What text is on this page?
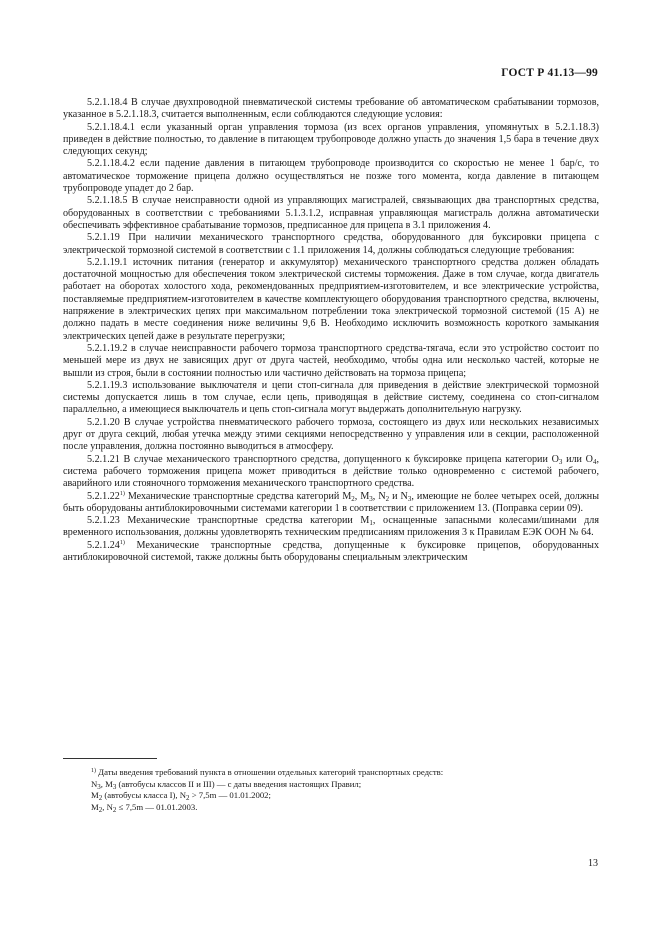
ГОСТ Р 41.13—99

5.2.1.18.4 В случае двухпроводной пневматической системы требование об автоматическом срабатывании тормозов, указанное в 5.2.1.18.3, считается выполненным, если соблюдаются следующие условия:

5.2.1.18.4.1 если указанный орган управления тормоза (из всех органов управления, упомянутых в 5.2.1.18.3) приведен в действие полностью, то давление в питающем трубопроводе должно упасть до значения 1,5 бара в течение двух следующих секунд;

5.2.1.18.4.2 если падение давления в питающем трубопроводе производится со скоростью не менее 1 бар/с, то автоматическое торможение прицепа должно осуществляться не позже того момента, когда давление в питающем трубопроводе упадет до 2 бар.

5.2.1.18.5 В случае неисправности одной из управляющих магистралей, связывающих два транспортных средства, оборудованных в соответствии с требованиями 5.1.3.1.2, исправная управляющая магистраль должна автоматически обеспечивать эффективное срабатывание тормозов, предписанное для прицепа в 3.1 приложения 4.

5.2.1.19 При наличии механического транспортного средства, оборудованного для буксировки прицепа с электрической тормозной системой в соответствии с 1.1 приложения 14, должны соблюдаться следующие требования:

5.2.1.19.1 источник питания (генератор и аккумулятор) механического транспортного средства должен обладать достаточной мощностью для обеспечения током электрической системы торможения. Даже в том случае, когда двигатель работает на оборотах холостого хода, рекомендованных предприятием-изготовителем, и все электрические устройства, поставляемые предприятием-изготовителем в качестве комплектующего оборудования транспортного средства, включены, напряжение в электрических цепях при максимальном потреблении тока электрической тормозной системой (15 А) не должно падать в месте соединения ниже величины 9,6 В. Необходимо исключить возможность короткого замыкания электрических цепей даже в результате перегрузки;

5.2.1.19.2 в случае неисправности рабочего тормоза транспортного средства-тягача, если это устройство состоит по меньшей мере из двух не зависящих друг от друга частей, необходимо, чтобы одна или несколько частей, которые не вышли из строя, были в состоянии полностью или частично действовать на тормоза прицепа;

5.2.1.19.3 использование выключателя и цепи стоп-сигнала для приведения в действие электрической тормозной системы допускается лишь в том случае, если цепь, приводящая в действие систему, соединена со стоп-сигналом параллельно, а имеющиеся выключатель и цепь стоп-сигнала могут выдержать дополнительную нагрузку.

5.2.1.20 В случае устройства пневматического рабочего тормоза, состоящего из двух или нескольких независимых друг от друга секций, любая утечка между этими секциями непосредственно у управления или в секции, расположенной после управления, должна постоянно выводиться в атмосферу.

5.2.1.21 В случае механического транспортного средства, допущенного к буксировке прицепа категории $O_3$ или $O_4$, система рабочего торможения прицепа может приводиться в действие только одновременно с системой рабочего, аварийного или стояночного торможения механического транспортного средства.

5.2.1.22$^{1)}$ Механические транспортные средства категорий $M_2$, $M_3$, $N_2$ и $N_3$, имеющие не более четырех осей, должны быть оборудованы антиблокировочными системами категории 1 в соответствии с приложением 13. (Поправка серии 09).

5.2.1.23 Механические транспортные средства категории $M_1$, оснащенные запасными колесами/шинами для временного использования, должны удовлетворять техническим предписаниям приложения 3 к Правилам ЕЭК ООН № 64.

5.2.1.24$^{1)}$ Механические транспортные средства, допущенные к буксировке прицепов, оборудованных антиблокировочной системой, также должны быть оборудованы специальным электрическим

$^{1)}$ Даты введения требований пункта в отношении отдельных категорий транспортных средств:

$N_3$, $M_3$ (автобусы классов II и III) — с даты введения настоящих Правил;

$M_2$ (автобусы класса I), $N_2 > 7,5m$ — 01.01.2002;

$M_2$, $N_2 \le 7,5m$ — 01.01.2003.

13
